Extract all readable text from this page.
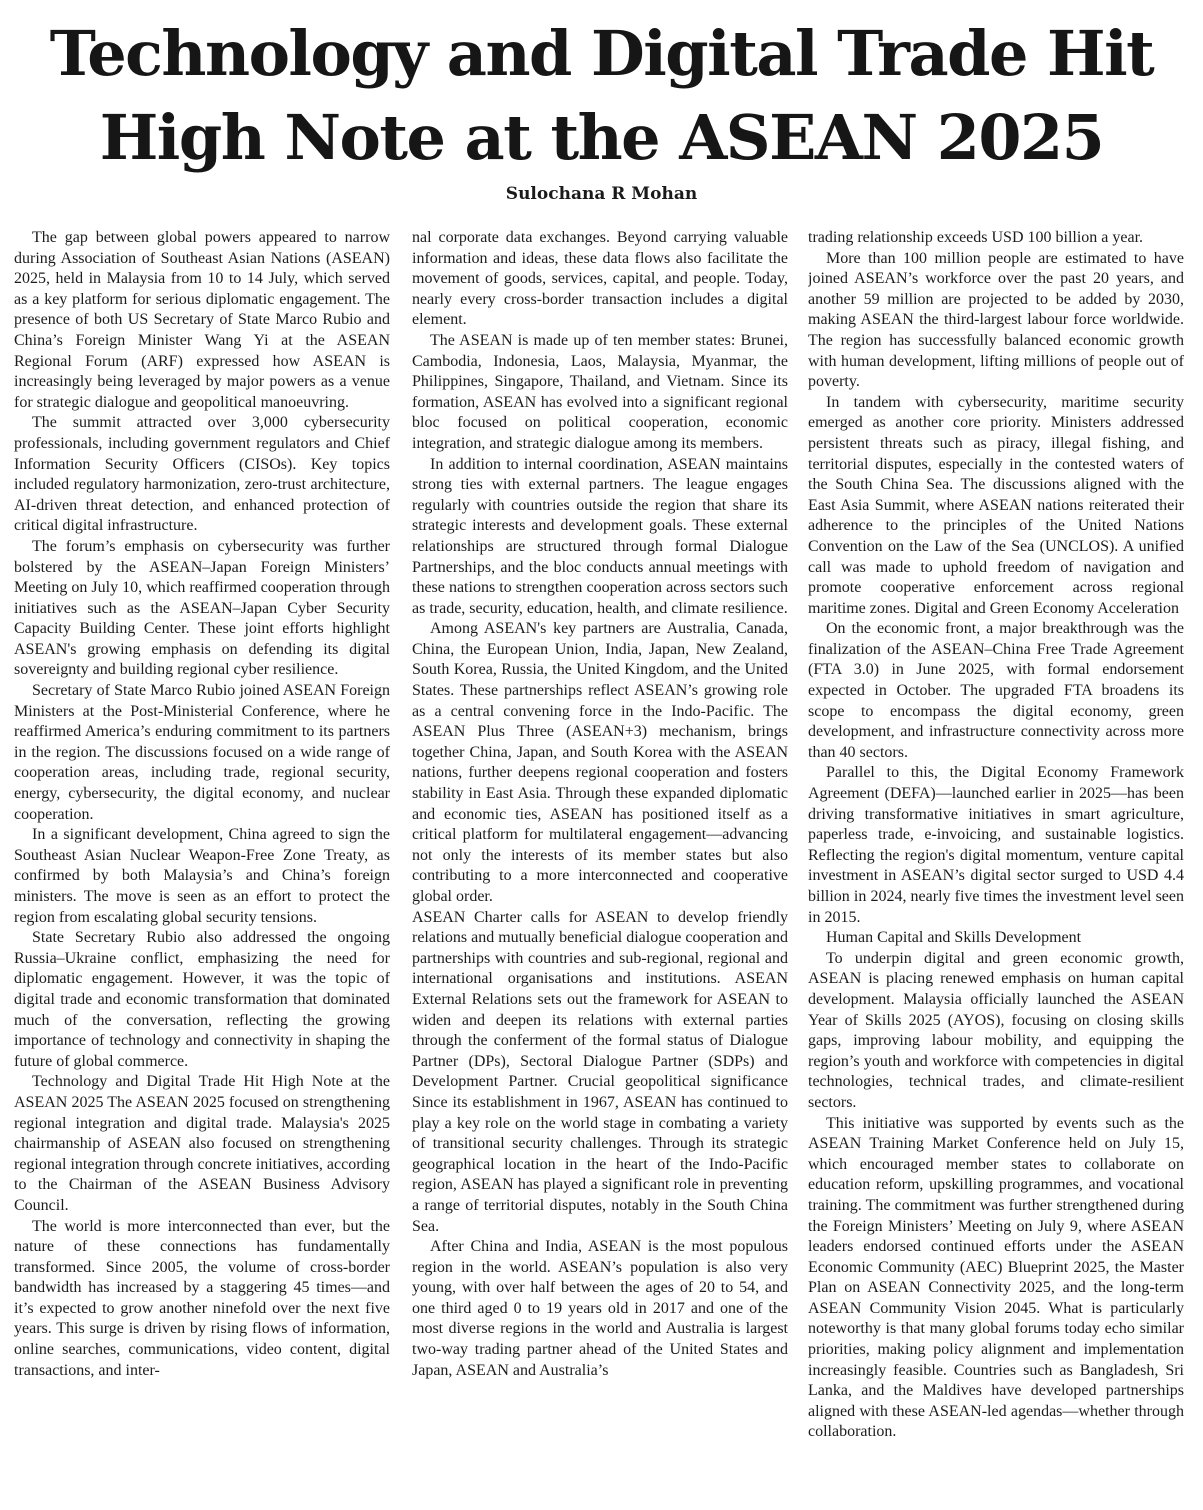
Technology and Digital Trade Hit High Note at the ASEAN 2025
Sulochana R Mohan

The gap between global powers appeared to narrow during Association of Southeast Asian Nations (ASEAN) 2025, held in Malaysia from 10 to 14 July, which served as a key platform for serious diplomatic engagement. The presence of both US Secretary of State Marco Rubio and China’s Foreign Minister Wang Yi at the ASEAN Regional Forum (ARF) expressed how ASEAN is increasingly being leveraged by major powers as a venue for strategic dialogue and geopolitical manoeuvring.

The summit attracted over 3,000 cybersecurity professionals, including government regulators and Chief Information Security Officers (CISOs). Key topics included regulatory harmonization, zero-trust architecture, AI-driven threat detection, and enhanced protection of critical digital infrastructure.

The forum’s emphasis on cybersecurity was further bolstered by the ASEAN–Japan Foreign Ministers’ Meeting on July 10, which reaffirmed cooperation through initiatives such as the ASEAN–Japan Cyber Security Capacity Building Center. These joint efforts highlight ASEAN's growing emphasis on defending its digital sovereignty and building regional cyber resilience.

Secretary of State Marco Rubio joined ASEAN Foreign Ministers at the Post-Ministerial Conference, where he reaffirmed America’s enduring commitment to its partners in the region. The discussions focused on a wide range of cooperation areas, including trade, regional security, energy, cybersecurity, the digital economy, and nuclear cooperation.

In a significant development, China agreed to sign the Southeast Asian Nuclear Weapon-Free Zone Treaty, as confirmed by both Malaysia’s and China’s foreign ministers. The move is seen as an effort to protect the region from escalating global security tensions.

State Secretary Rubio also addressed the ongoing Russia–Ukraine conflict, emphasizing the need for diplomatic engagement. However, it was the topic of digital trade and economic transformation that dominated much of the conversation, reflecting the growing importance of technology and connectivity in shaping the future of global commerce.

Technology and Digital Trade Hit High Note at the ASEAN 2025 The ASEAN 2025 focused on strengthening regional integration and digital trade. Malaysia's 2025 chairmanship of ASEAN also focused on strengthening regional integration through concrete initiatives, according to the Chairman of the ASEAN Business Advisory Council.

The world is more interconnected than ever, but the nature of these connections has fundamentally transformed. Since 2005, the volume of cross-border bandwidth has increased by a staggering 45 times—and it’s expected to grow another ninefold over the next five years. This surge is driven by rising flows of information, online searches, communications, video content, digital transactions, and inter-

nal corporate data exchanges. Beyond carrying valuable information and ideas, these data flows also facilitate the movement of goods, services, capital, and people. Today, nearly every cross-border transaction includes a digital element.

The ASEAN is made up of ten member states: Brunei, Cambodia, Indonesia, Laos, Malaysia, Myanmar, the Philippines, Singapore, Thailand, and Vietnam. Since its formation, ASEAN has evolved into a significant regional bloc focused on political cooperation, economic integration, and strategic dialogue among its members.

In addition to internal coordination, ASEAN maintains strong ties with external partners. The league engages regularly with countries outside the region that share its strategic interests and development goals. These external relationships are structured through formal Dialogue Partnerships, and the bloc conducts annual meetings with these nations to strengthen cooperation across sectors such as trade, security, education, health, and climate resilience.

Among ASEAN's key partners are Australia, Canada, China, the European Union, India, Japan, New Zealand, South Korea, Russia, the United Kingdom, and the United States. These partnerships reflect ASEAN’s growing role as a central convening force in the Indo-Pacific. The ASEAN Plus Three (ASEAN+3) mechanism, brings together China, Japan, and South Korea with the ASEAN nations, further deepens regional cooperation and fosters stability in East Asia. Through these expanded diplomatic and economic ties, ASEAN has positioned itself as a critical platform for multilateral engagement—advancing not only the interests of its member states but also contributing to a more interconnected and cooperative global order.

ASEAN Charter calls for ASEAN to develop friendly relations and mutually beneficial dialogue cooperation and partnerships with countries and sub-regional, regional and international organisations and institutions. ASEAN External Relations sets out the framework for ASEAN to widen and deepen its relations with external parties through the conferment of the formal status of Dialogue Partner (DPs), Sectoral Dialogue Partner (SDPs) and Development Partner. Crucial geopolitical significance Since its establishment in 1967, ASEAN has continued to play a key role on the world stage in combating a variety of transitional security challenges. Through its strategic geographical location in the heart of the Indo-Pacific region, ASEAN has played a significant role in preventing a range of territorial disputes, notably in the South China Sea.

After China and India, ASEAN is the most populous region in the world. ASEAN’s population is also very young, with over half between the ages of 20 to 54, and one third aged 0 to 19 years old in 2017 and one of the most diverse regions in the world and Australia is largest two-way trading partner ahead of the United States and Japan, ASEAN and Australia’s

trading relationship exceeds USD 100 billion a year.

More than 100 million people are estimated to have joined ASEAN’s workforce over the past 20 years, and another 59 million are projected to be added by 2030, making ASEAN the third-largest labour force worldwide. The region has successfully balanced economic growth with human development, lifting millions of people out of poverty.

In tandem with cybersecurity, maritime security emerged as another core priority. Ministers addressed persistent threats such as piracy, illegal fishing, and territorial disputes, especially in the contested waters of the South China Sea. The discussions aligned with the East Asia Summit, where ASEAN nations reiterated their adherence to the principles of the United Nations Convention on the Law of the Sea (UNCLOS). A unified call was made to uphold freedom of navigation and promote cooperative enforcement across regional maritime zones. Digital and Green Economy Acceleration

On the economic front, a major breakthrough was the finalization of the ASEAN–China Free Trade Agreement (FTA 3.0) in June 2025, with formal endorsement expected in October. The upgraded FTA broadens its scope to encompass the digital economy, green development, and infrastructure connectivity across more than 40 sectors.

Parallel to this, the Digital Economy Framework Agreement (DEFA)—launched earlier in 2025—has been driving transformative initiatives in smart agriculture, paperless trade, e-invoicing, and sustainable logistics. Reflecting the region's digital momentum, venture capital investment in ASEAN’s digital sector surged to USD 4.4 billion in 2024, nearly five times the investment level seen in 2015.

Human Capital and Skills Development

To underpin digital and green economic growth, ASEAN is placing renewed emphasis on human capital development. Malaysia officially launched the ASEAN Year of Skills 2025 (AYOS), focusing on closing skills gaps, improving labour mobility, and equipping the region’s youth and workforce with competencies in digital technologies, technical trades, and climate-resilient sectors.

This initiative was supported by events such as the ASEAN Training Market Conference held on July 15, which encouraged member states to collaborate on education reform, upskilling programmes, and vocational training. The commitment was further strengthened during the Foreign Ministers’ Meeting on July 9, where ASEAN leaders endorsed continued efforts under the ASEAN Economic Community (AEC) Blueprint 2025, the Master Plan on ASEAN Connectivity 2025, and the long-term ASEAN Community Vision 2045. What is particularly noteworthy is that many global forums today echo similar priorities, making policy alignment and implementation increasingly feasible. Countries such as Bangladesh, Sri Lanka, and the Maldives have developed partnerships aligned with these ASEAN-led agendas—whether through collaboration.
